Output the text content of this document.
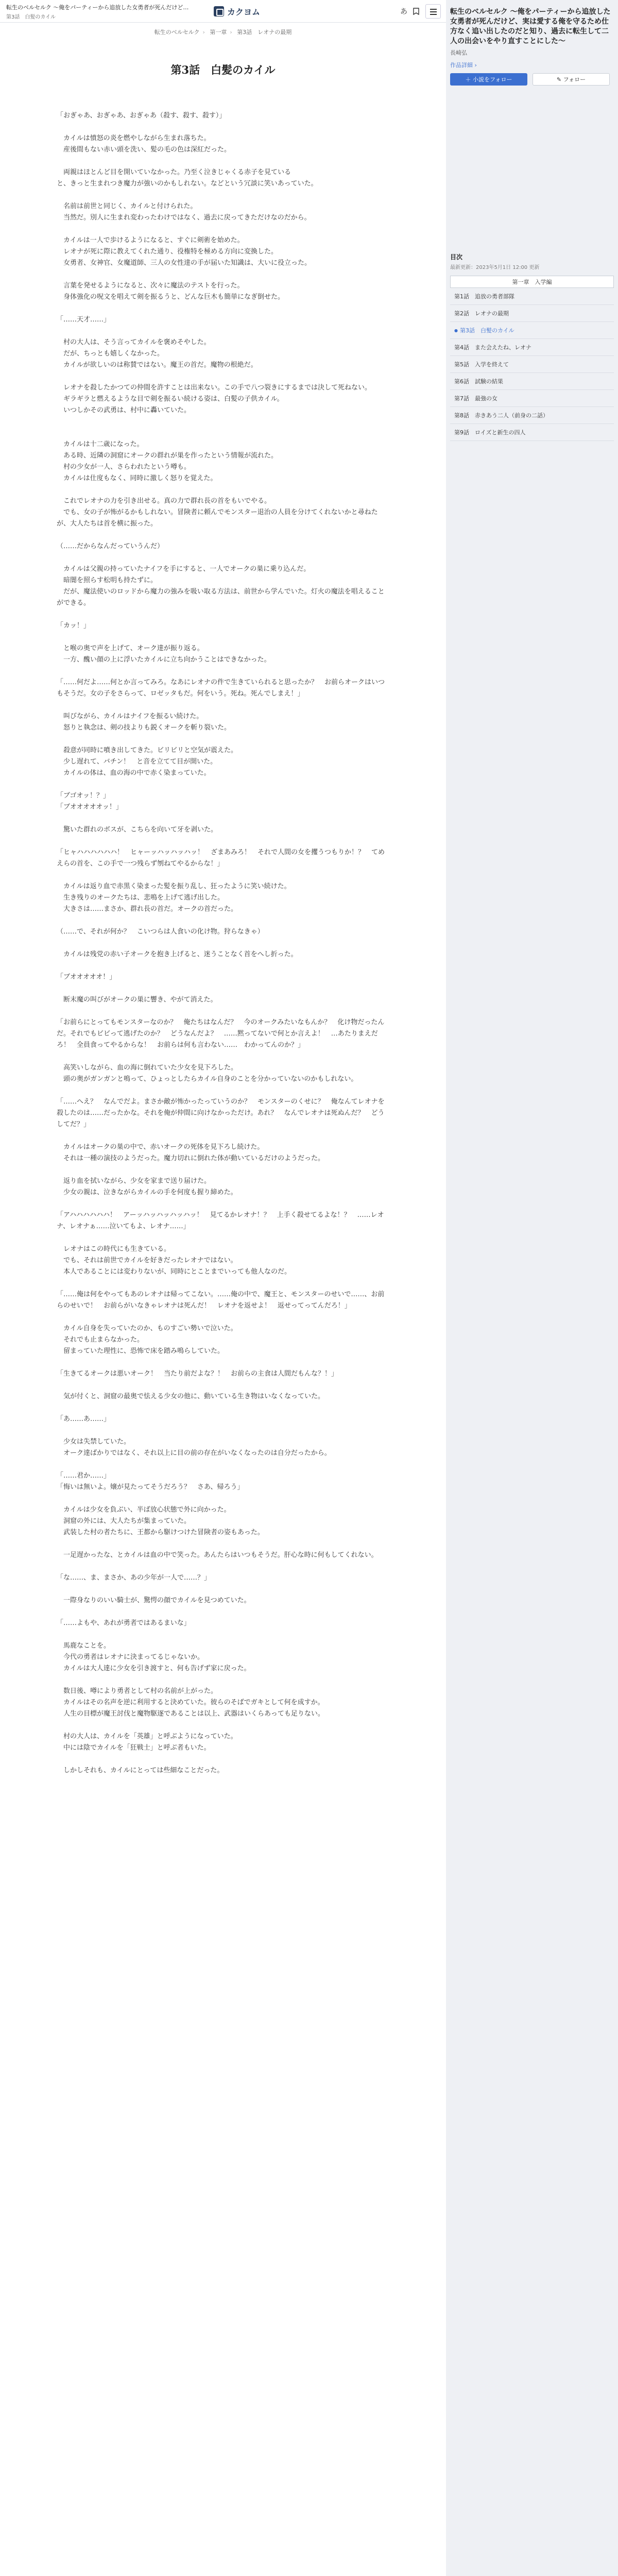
転生のベルセルク 〜俺をパーティーから追放した女勇者が死んだけど…
第3話　白髪のカイル
カクヨム	あ
転生のベルセルク › 第一章 › 第3話　レオナの最期
第3話　白髪のカイル

「おぎゃあ、おぎゃあ、おぎゃあ（殺す、殺す、殺す）」

　カイルは憤怒の炎を燃やしながら生まれ落ちた。

　産後間もない赤い頭を洗い、髪の毛の色は深紅だった。

　両親はほとんど目を開いていなかった。乃至く泣きじゃくる赤子を見ている

と、きっと生まれつき魔力が強いのかもしれない。などという冗談に笑いあっていた。

　名前は前世と同じく、カイルと付けられた。

　当然だ。別人に生まれ変わったわけではなく、過去に戻ってきただけなのだから。

　カイルは一人で歩けるようになると、すぐに剣術を始めた。

　レオナが死に際に教えてくれた通り、役権特を極める方向に変換した。

　女勇者、女神官、女魔道師、三人の女性達の手が届いた知識は、大いに役立った。

　言葉を発せるようになると、次々に魔法のテストを行った。

　身体強化の呪文を唱えて剣を振るうと、どんな巨木も簡単になぎ倒せた。

「……天才……」

　村の大人は、そう言ってカイルを褒めそやした。

　だが、ちっとも嬉しくなかった。

　カイルが欲しいのは称賛ではない。魔王の首だ。魔物の根絶だ。

　レオナを殺したかつての仲間を許すことは出来ない。この手で八つ裂きにするまでは決して死ねない。

　ギラギラと燃えるような目で剣を振るい続ける姿は、白髪の子供カイル。

　いつしかその武勇は、村中に轟いていた。

　カイルは十二歳になった。

　ある時、近隣の洞窟にオークの群れが巣を作ったという情報が流れた。

　村の少女が一人、さらわれたという噂も。

　カイルは仕度もなく、同時に激しく怒りを覚えた。

　これでレオナの力を引き出せる。真の力で群れ長の首をもいでやる。

　でも、女の子が怖がるかもしれない。冒険者に頼んでモンスター退治の人員を分けてくれないかと尋ねたが、大人たちは首を横に振った。

（……だからなんだっていうんだ）

　カイルは父親の持っていたナイフを手にすると、一人でオークの巣に乗り込んだ。

　暗闇を照らす松明も持たずに。

　だが、魔法使いのロッドから魔力の強みを吸い取る方法は、前世から学んでいた。灯火の魔法を唱えることができる。

「カッ！」

　と喉の奥で声を上げて、オーク達が振り返る。

　一方、醜い顔の上に浮いたカイルに立ち向かうことはできなかった。

「……何だよ……何とか言ってみろ。なあにレオナの件で生きていられると思ったか？　お前らオークはいつもそうだ。女の子をさらって、ロゼッタもだ。何をいう。死ね。死んでしまえ！」

　叫びながら、カイルはナイフを振るい続けた。

　怒りと執念は、剣の技よりも鋭くオークを斬り裂いた。

　殺意が同時に噴き出してきた。ビリビリと空気が震えた。

　少し遅れて、バチン！　と音を立てて目が開いた。

　カイルの体は、血の海の中で赤く染まっていた。

「ブゴオッ！？」

「ブオオオオオッ！」

　驚いた群れのボスが、こちらを向いて牙を剥いた。

「ヒャハハハハハハ！　ヒャーッハッハッハッ！　ざまあみろ！　それで人間の女を攫うつもりか！？　てめえらの首を、この手で一つ残らず刎ねてやるからな！」

　カイルは返り血で赤黒く染まった髪を振り乱し、狂ったように笑い続けた。

　生き残りのオークたちは、悲鳴を上げて逃げ出した。

　大きさは……まさか、群れ長の首だ。オークの首だった。

（……で、それが何か？　こいつらは人食いの化け物。狩らなきゃ）

　カイルは残党の赤い子オークを抱き上げると、迷うことなく首をへし折った。

「ブオオオオオ！」

　断末魔の叫びがオークの巣に響き、やがて消えた。

「お前らにとってもモンスターなのか？　俺たちはなんだ？　今のオークみたいなもんか？　化け物だったんだ。それでもビビって逃げたのか？　どうなんだよ？　……黙ってないで何とか言えよ！　…あたりまえだろ！　全員食ってやるからな！　お前らは何も言わない……　わかってんのか？」

　高笑いしながら、血の海に倒れていた少女を見下ろした。

　頭の奥がガンガンと鳴って、ひょっとしたらカイル自身のことを分かっていないのかもしれない。

「……へえ？　なんでだよ。まさか敵が怖かったっていうのか？　モンスターのくせに？　俺なんてレオナを殺したのは……だったかな。それを俺が仲間に向けなかっただけ。あれ？　なんでレオナは死ぬんだ？　どうしてだ？」

　カイルはオークの巣の中で、赤いオークの死体を見下ろし続けた。

　それは一種の演技のようだった。魔力切れに倒れた体が動いているだけのようだった。

　返り血を拭いながら、少女を家まで送り届けた。

　少女の親は、泣きながらカイルの手を何度も握り締めた。

「アハハハハハハ！　アーッハッハッハッハッ！　見てるかレオナ！？　上手く殺せてるよな！？　……レオナ、レオナぁ……泣いてもよ、レオナ……」

　レオナはこの時代にも生きている。

　でも、それは前世でカイルを好きだったレオナではない。

　本人であることには変わりないが、同時にとことまでいっても他人なのだ。

「……俺は何をやってもあのレオナは帰ってこない。……俺の中で、魔王と、モンスターのせいで……、お前らのせいで！　お前らがいなきゃレオナは死んだ！　レオナを返せよ！　返せってってんだろ！」

　カイル自身を失っていたのか、ものすごい勢いで泣いた。

　それでも止まらなかった。

　留まっていた理性に、恐怖で床を踏み鳴らしていた。

「生きてるオークは悪いオーク！　当たり前だよな？！　お前らの主食は人間だもんな？！」

　気が付くと、洞窟の最奥で怯える少女の他に、動いている生き物はいなくなっていた。

「あ……あ……」

　少女は失禁していた。

　オーク達ばかりではなく、それ以上に目の前の存在がいなくなったのは自分だったから。

「……君か……」

「悔いは無いよ。嬢が見たってそうだろう？　さあ、帰ろう」

　カイルは少女を負ぶい、半ば放心状態で外に向かった。

　洞窟の外には、大人たちが集まっていた。

　武装した村の者たちに、王都から駆けつけた冒険者の姿もあった。

　一足遅かったな、とカイルは血の中で笑った。あんたらはいつもそうだ。肝心な時に何もしてくれない。

「な……、ま、まさか、あの少年が一人で……？」

　一際身なりのいい騎士が、驚愕の顔でカイルを見つめていた。

「……よもや、あれが勇者ではあるまいな」

　馬鹿なことを。

　今代の勇者はレオナに決まってるじゃないか。

　カイルは大人達に少女を引き渡すと、何も告げず家に戻った。

　数日後、噂により勇者として村の名前が上がった。

　カイルはその名声を逆に利用すると決めていた。彼らのそばでガキとして何を成すか。

　人生の目標が魔王討伐と魔物駆逐であることは以上、武器はいくらあっても足りない。

　村の大人は、カイルを「英雄」と呼ぶようになっていた。

　中には陰でカイルを「狂戦士」と呼ぶ者もいた。

　しかしそれも、カイルにとっては些細なことだった。

転生のベルセルク 〜俺をパーティーから追放した女勇者が死んだけど、実は愛する俺を守るため仕方なく追い出したのだと知り、過去に転生して二人の出会いをやり直すことにした〜
長崎弘
作品詳細 ›
＋ 小説をフォロー	✎ フォロー
目次
最新更新：2023年5月1日 12:00 更新
第一章　入学編
第1話　追放の勇者部隊
第2話　レオナの最期
● 第3話　白髪のカイル
第4話　また会えたね、レオナ
第5話　入学を終えて
第6話　試験の結果
第7話　最強の女
第8話　赤きあう二人（前身の二話）
第9話　ロイズと新生の四人
